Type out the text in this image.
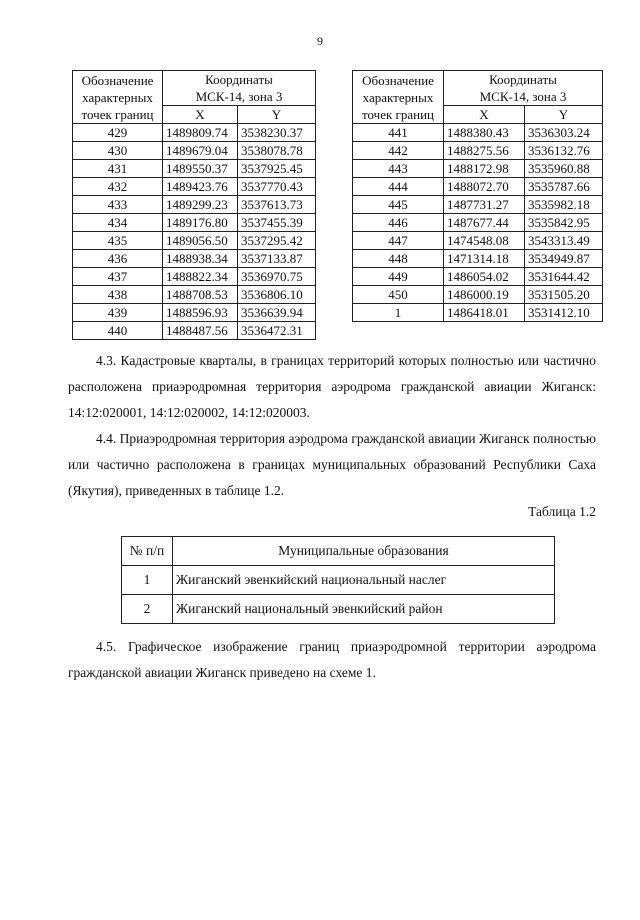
9
Обозначение
характерных
точек границ	Координаты
МСК-14, зона 3	

	X	Y
429	1489809.74	3538230.37
430	1489679.04	3538078.78
431	1489550.37	3537925.45
432	1489423.76	3537770.43
433	1489299.23	3537613.73
434	1489176.80	3537455.39
435	1489056.50	3537295.42
436	1488938.34	3537133.87
437	1488822.34	3536970.75
438	1488708.53	3536806.10
439	1488596.93	3536639.94
440	1488487.56	3536472.31
Обозначение
характерных
точек границ	Координаты
МСК-14, зона 3	

	X	Y
441	1488380.43	3536303.24
442	1488275.56	3536132.76
443	1488172.98	3535960.88
444	1488072.70	3535787.66
445	1487731.27	3535982.18
446	1487677.44	3535842.95
447	1474548.08	3543313.49
448	1471314.18	3534949.87
449	1486054.02	3531644.42
450	1486000.19	3531505.20
1	1486418.01	3531412.10

4.3. Кадастровые кварталы, в границах территорий которых полностью или частично расположена приаэродромная территория аэродрома гражданской авиации Жиганск: 14:12:020001, 14:12:020002, 14:12:020003.

4.4. Приаэродромная территория аэродрома гражданской авиации Жиганск полностью или частично расположена в границах муниципальных образований Республики Саха (Якутия), приведенных в таблице 1.2.

Таблица 1.2
№ п/п	Муниципальные образования
1	Жиганский эвенкийский национальный наслег
2	Жиганский национальный эвенкийский район

4.5. Графическое изображение границ приаэродромной территории аэродрома гражданской авиации Жиганск приведено на схеме 1.
